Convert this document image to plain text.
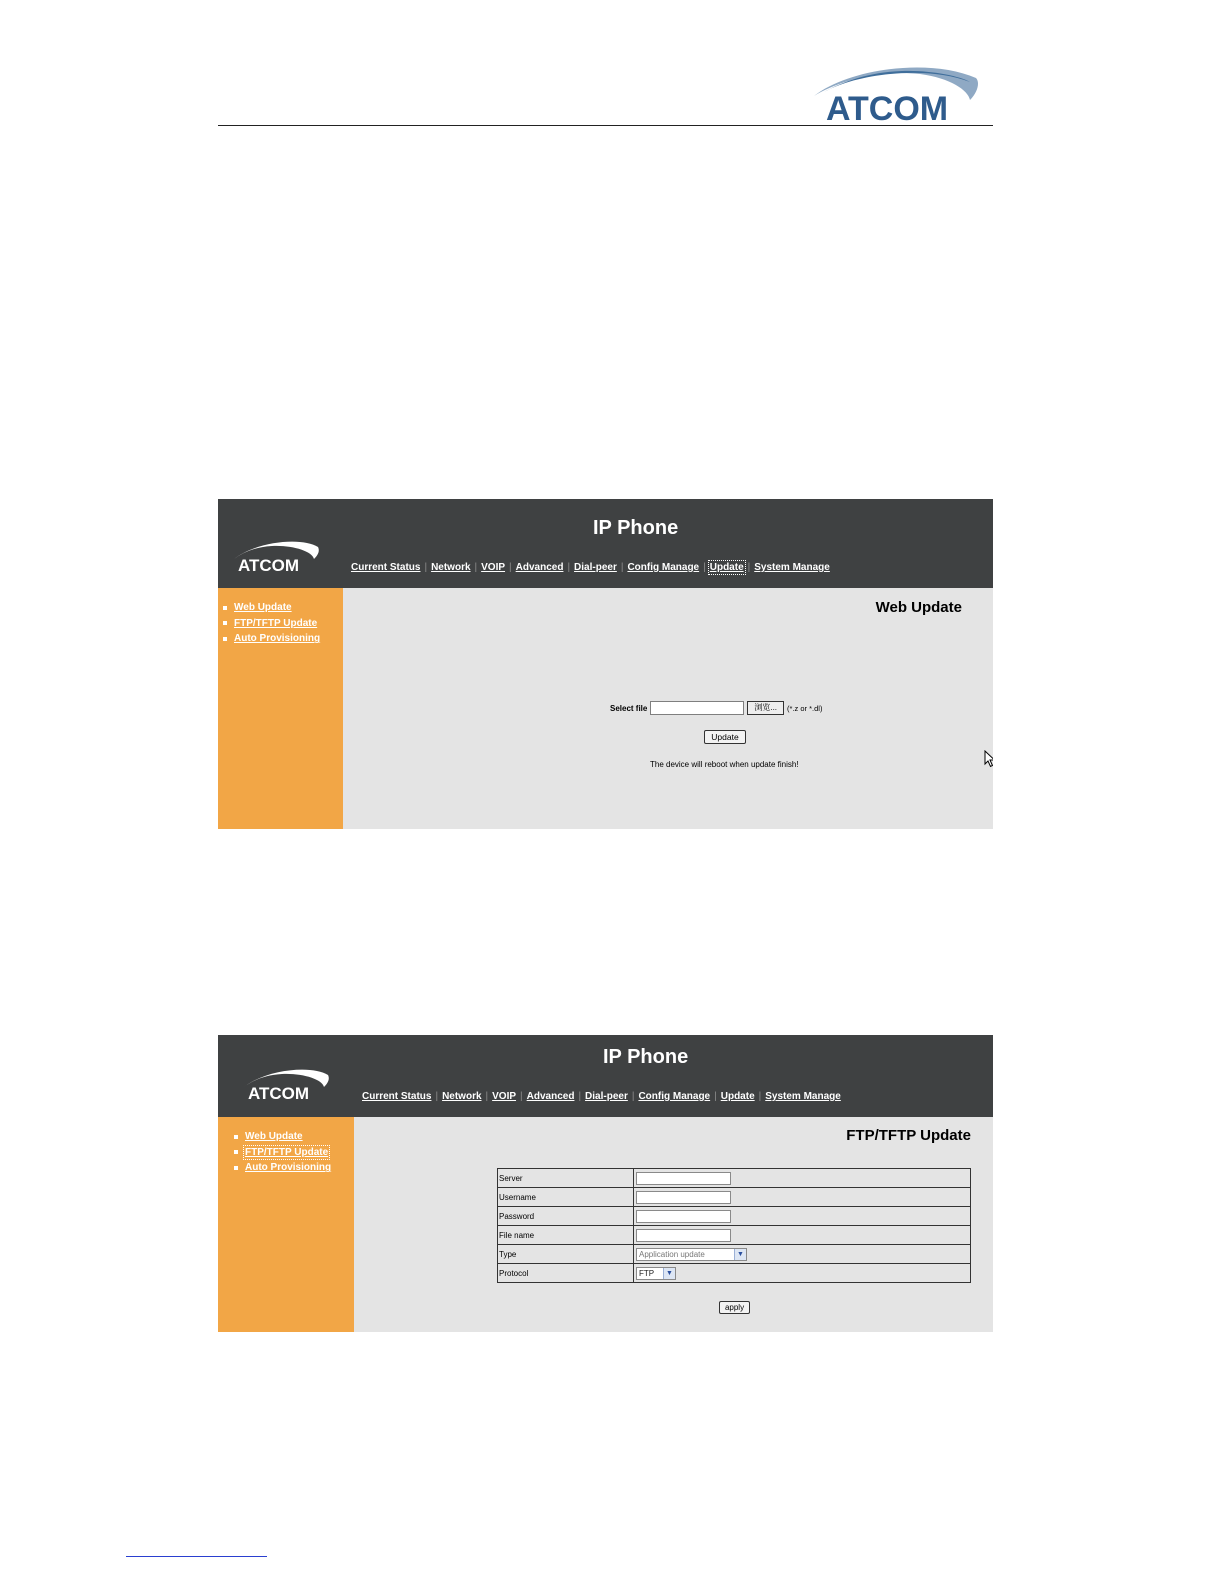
ATCOM
ATCOM
IP Phone
Current Status | Network | VOIP | Advanced | Dial-peer | Config Manage | Update | System Manage
Web Update
FTP/TFTP Update
Auto Provisioning
Web Update
Select file	浏览...	(*.z or *.dl)
Update
The device will reboot when update finish!
ATCOM
IP Phone
Current Status | Network | VOIP | Advanced | Dial-peer | Config Manage | Update | System Manage
Web Update
FTP/TFTP Update
Auto Provisioning
FTP/TFTP Update
Server	

Username	

Password	

File name	

Type	Application update ▼

Protocol	FTP ▼
apply
